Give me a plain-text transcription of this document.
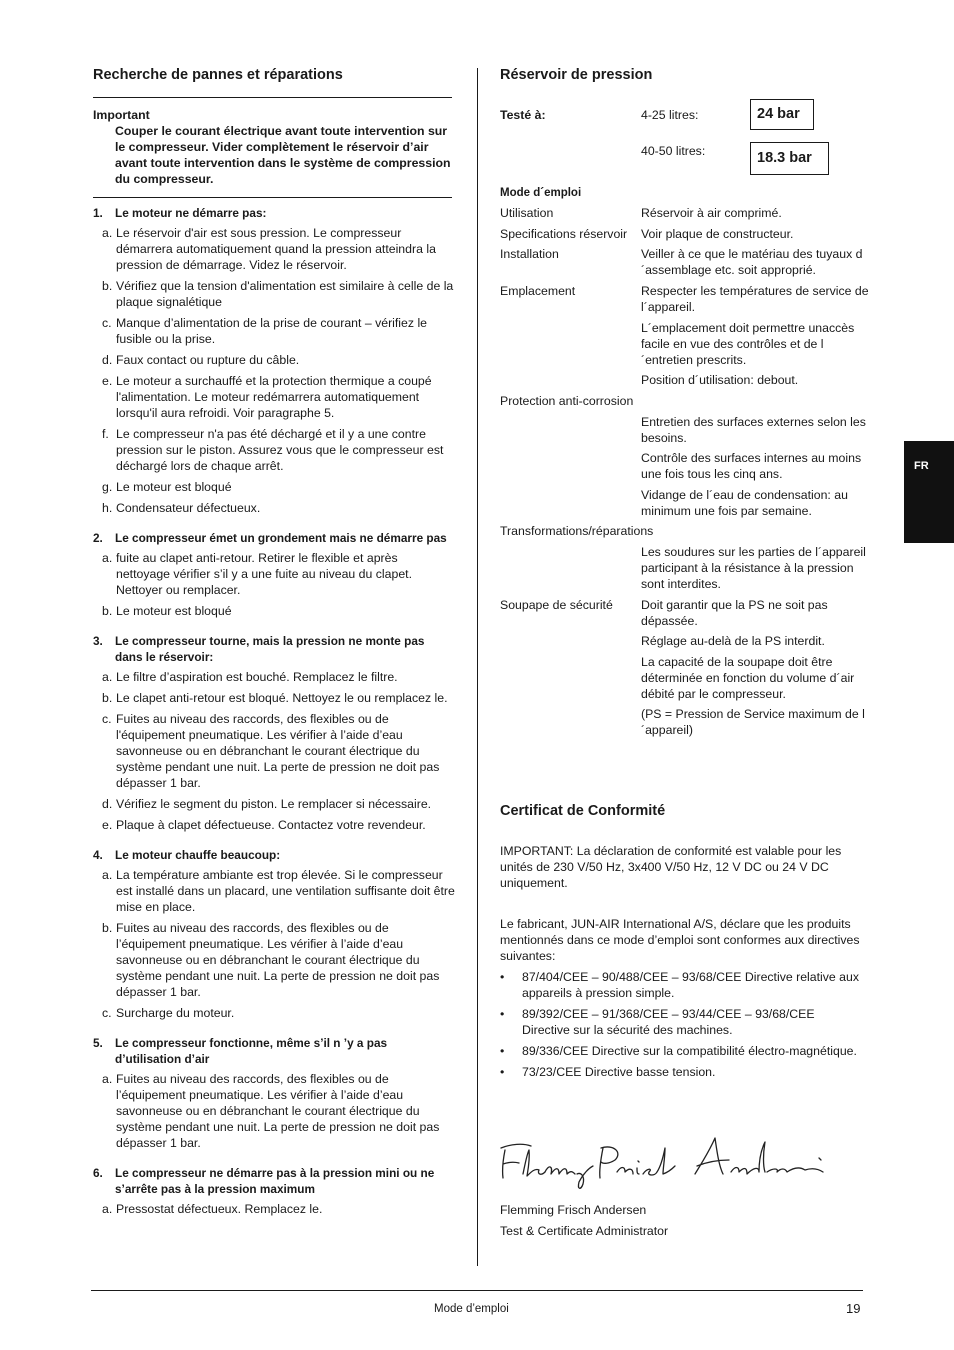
Recherche de pannes et réparations
Important
Couper le courant électrique avant toute intervention sur le compresseur. Vider complètement le réservoir d’air avant toute intervention dans le système de compression du compresseur.
1. Le moteur ne démarre pas:
a. Le réservoir d'air est sous pression. Le compresseur démarrera automatiquement quand la pression atteindra la pression de démarrage. Videz le réservoir.
b. Vérifiez que la tension d'alimentation est similaire à celle de la plaque signalétique
c. Manque d’alimentation de la prise de courant – vérifiez le fusible ou la prise.
d. Faux contact ou rupture du câble.
e. Le moteur a surchauffé et la protection thermique a coupé l'alimentation. Le moteur redémarrera automatiquement lorsqu'il aura refroidi. Voir paragraphe 5.
f. Le compresseur n'a pas été déchargé et il y a une contre pression sur le piston. Assurez vous que le compresseur est déchargé lors de chaque arrêt.
g. Le moteur est bloqué
h. Condensateur défectueux.
2. Le compresseur émet un grondement mais ne démarre pas
a. fuite au clapet anti-retour. Retirer le flexible et après nettoyage vérifier s’il y a une fuite au niveau du clapet. Nettoyer ou remplacer.
b. Le moteur est bloqué
3. Le compresseur tourne, mais la pression ne monte pas dans le réservoir:
a. Le filtre d’aspiration est bouché. Remplacez le filtre.
b. Le clapet anti-retour est bloqué. Nettoyez le ou remplacez le.
c. Fuites au niveau des raccords, des flexibles ou de l'équipement pneumatique. Les vérifier à l’aide d’eau savonneuse ou en débranchant le courant électrique du système pendant une nuit. La perte de pression ne doit pas dépasser 1 bar.
d. Vérifiez le segment du piston. Le remplacer si nécessaire.
e. Plaque à clapet défectueuse. Contactez votre revendeur.
4. Le moteur chauffe beaucoup:
a. La température ambiante est trop élevée. Si le compresseur est installé dans un placard, une ventilation suffisante doit être mise en place.
b. Fuites au niveau des raccords, des flexibles ou de l’équipement pneumatique. Les vérifier à l’aide d’eau savonneuse ou en débranchant le courant électrique du système pendant une nuit. La perte de pression ne doit pas dépasser 1 bar.
c. Surcharge du moteur.
5. Le compresseur fonctionne, même s’il n ’y a pas d’utilisation d’air
a. Fuites au niveau des raccords, des flexibles ou de l’équipement pneumatique. Les vérifier à l’aide d’eau savonneuse ou en débranchant le courant électrique du système pendant une nuit. La perte de pression ne doit pas dépasser 1 bar.
6. Le compresseur ne démarre pas à la pression mini ou ne s’arrête pas à la pression maximum
a. Pressostat défectueux. Remplacez le.
Réservoir de pression
Testé à:	4-25 litres:	24 bar
40-50 litres:	18.3 bar
Mode d´emploi
Utilisation	Réservoir à air comprimé.
Specifications réservoir Voir plaque de constructeur.
Installation	Veiller à ce que le matériau des tuyaux d´assemblage etc. soit approprié.
Emplacement	Respecter les températures de service de l´appareil.
L´emplacement doit permettre unaccès facile en vue des contrôles et de l´entretien prescrits.
Position d´utilisation: debout.
Protection anti-corrosion
Entretien des surfaces externes selon les besoins.
Contrôle des surfaces internes au moins une fois tous les cinq ans.
Vidange de l´eau de condensation: au minimum une fois par semaine.
Transformations/réparations
Les soudures sur les parties de l´appareil participant à la résistance à la pression sont interdites.
Soupape de sécurité Doit garantir que la PS ne soit pas dépassée.
Réglage au-delà de la PS interdit.
La capacité de la soupape doit être déterminée en fonction du volume d´air débité par le compresseur.
(PS = Pression de Service maximum de l´appareil)
Certificat de Conformité
IMPORTANT: La déclaration de conformité est valable pour les unités de 230 V/50 Hz, 3x400 V/50 Hz, 12 V DC ou 24 V DC uniquement.
Le fabricant, JUN-AIR International A/S, déclare que les produits mentionnés dans ce mode d’emploi sont conformes aux directives suivantes:
• 87/404/CEE – 90/488/CEE – 93/68/CEE Directive relative aux appareils à pression simple.
• 89/392/CEE – 91/368/CEE – 93/44/CEE – 93/68/CEE Directive sur la sécurité des machines.
• 89/336/CEE Directive sur la compatibilité électro-magnétique.
• 73/23/CEE Directive basse tension.
Flemming Frisch Andersen
Test & Certificate Administrator
FR
Mode d’emploi	19
